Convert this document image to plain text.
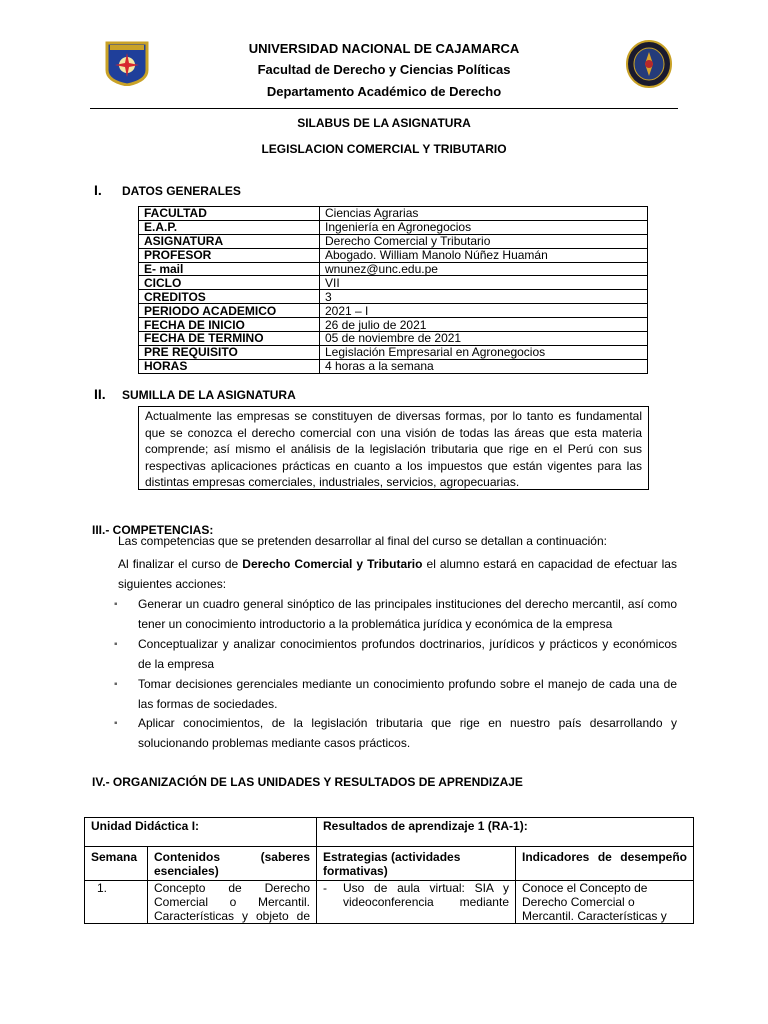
UNIVERSIDAD NACIONAL DE CAJAMARCA
Facultad de Derecho y Ciencias Políticas
Departamento Académico de Derecho
SILABUS DE LA ASIGNATURA
LEGISLACION COMERCIAL Y TRIBUTARIO
I. DATOS GENERALES
FACULTAD	Ciencias Agrarias
E.A.P.	Ingeniería en Agronegocios
ASIGNATURA	Derecho Comercial y Tributario
PROFESOR	Abogado. William Manolo Núñez Huamán
E- mail	wnunez@unc.edu.pe
CICLO	VII
CREDITOS	3
PERIODO ACADEMICO	2021 – I
FECHA DE INICIO	26 de julio de 2021
FECHA DE TERMINO	05 de noviembre de 2021
PRE REQUISITO	Legislación Empresarial en Agronegocios
HORAS	4 horas a la semana
II. SUMILLA DE LA ASIGNATURA
Actualmente las empresas se constituyen de diversas formas, por lo tanto es fundamental que se conozca el derecho comercial con una visión de todas las áreas que esta materia comprende; así mismo el análisis de la legislación tributaria que rige en el Perú con sus respectivas aplicaciones prácticas en cuanto a los impuestos que están vigentes para las distintas empresas comerciales, industriales, servicios, agropecuarias.
III.- COMPETENCIAS:
Las competencias que se pretenden desarrollar al final del curso se detallan a continuación:
Al finalizar el curso de Derecho Comercial y Tributario el alumno estará en capacidad de efectuar las siguientes acciones:
▪ Generar un cuadro general sinóptico de las principales instituciones del derecho mercantil, así como tener un conocimiento introductorio a la problemática jurídica y económica de la empresa
▪ Conceptualizar y analizar conocimientos profundos doctrinarios, jurídicos y prácticos y económicos de la empresa
▪ Tomar decisiones gerenciales mediante un conocimiento profundo sobre el manejo de cada una de las formas de sociedades.
▪ Aplicar conocimientos, de la legislación tributaria que rige en nuestro país desarrollando y solucionando problemas mediante casos prácticos.
IV.- ORGANIZACIÓN DE LAS UNIDADES Y RESULTADOS DE APRENDIZAJE
Unidad Didáctica I:		Resultados de aprendizaje 1 (RA-1):	
Semana	Contenidos (saberes esenciales)	Estrategias (actividades formativas)	Indicadores de desempeño

1.	Concepto de Derecho Comercial o Mercantil. Características y objeto de	- Uso de aula virtual: SIA y videoconferencia mediante	Conoce el Concepto de Derecho Comercial o Mercantil. Características y
